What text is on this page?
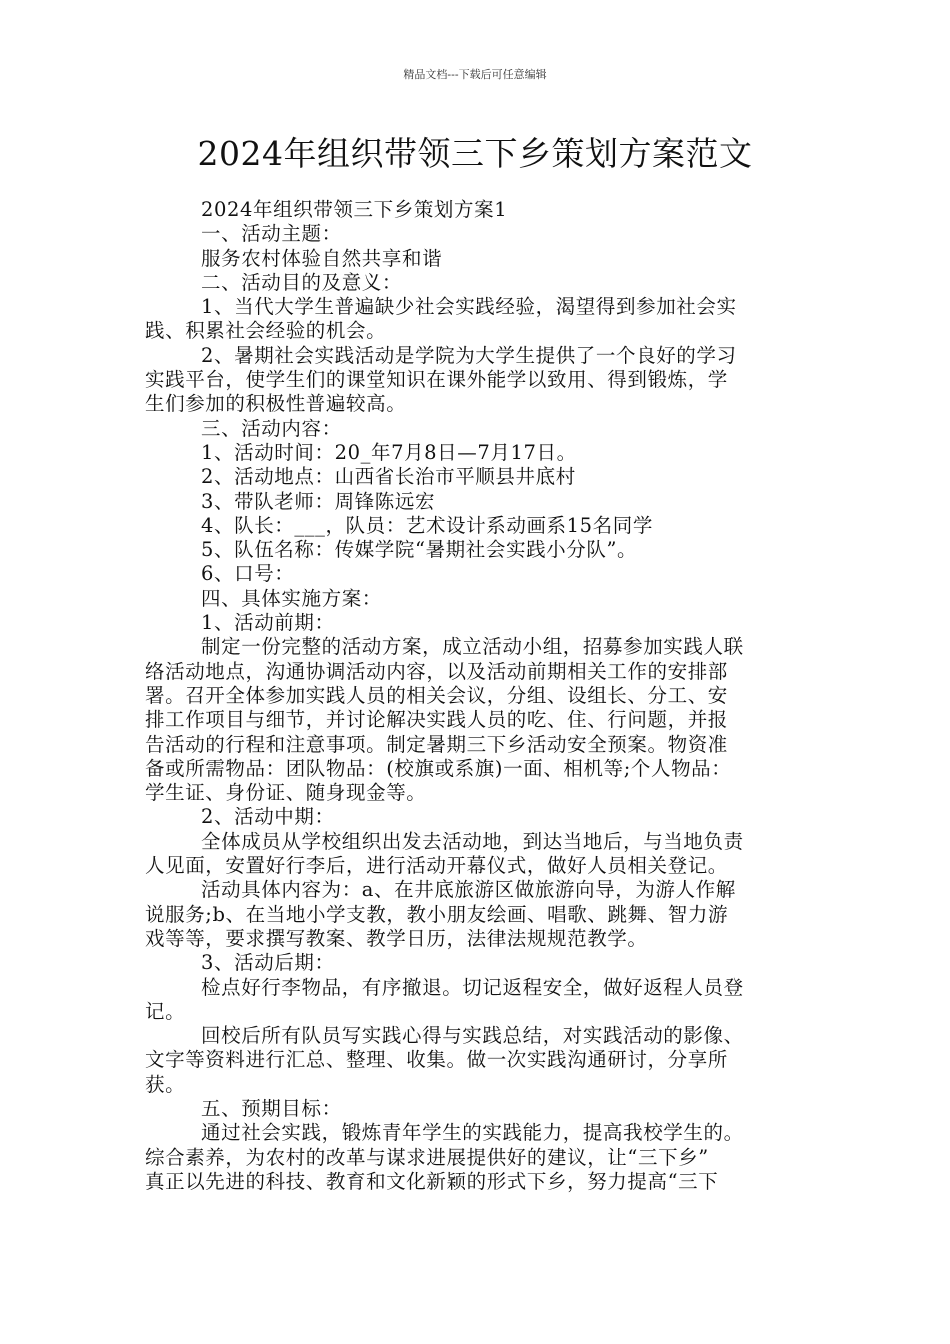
精品文档---下载后可任意编辑
2024年组织带领三下乡策划方案范文
2024年组织带领三下乡策划方案1
一、活动主题：
服务农村体验自然共享和谐
二、活动目的及意义：
1、当代大学生普遍缺少社会实践经验，渴望得到参加社会实
践、积累社会经验的机会。
2、暑期社会实践活动是学院为大学生提供了一个良好的学习
实践平台，使学生们的课堂知识在课外能学以致用、得到锻炼，学
生们参加的积极性普遍较高。
三、活动内容：
1、活动时间：20_年7月8日—7月17日。
2、活动地点：山西省长治市平顺县井底村
3、带队老师：周锋陈远宏
4、队长：___，队员：艺术设计系动画系15名同学
5、队伍名称：传媒学院“暑期社会实践小分队”。
6、口号：
四、具体实施方案：
1、活动前期：
制定一份完整的活动方案，成立活动小组，招募参加实践人联
络活动地点，沟通协调活动内容，以及活动前期相关工作的安排部
署。召开全体参加实践人员的相关会议，分组、设组长、分工、安
排工作项目与细节，并讨论解决实践人员的吃、住、行问题，并报
告活动的行程和注意事项。制定暑期三下乡活动安全预案。物资准
备或所需物品：团队物品：(校旗或系旗)一面、相机等;个人物品：
学生证、身份证、随身现金等。
2、活动中期：
全体成员从学校组织出发去活动地，到达当地后，与当地负责
人见面，安置好行李后，进行活动开幕仪式，做好人员相关登记。
活动具体内容为：a、在井底旅游区做旅游向导，为游人作解
说服务;b、在当地小学支教，教小朋友绘画、唱歌、跳舞、智力游
戏等等，要求撰写教案、教学日历，法律法规规范教学。
3、活动后期：
检点好行李物品，有序撤退。切记返程安全，做好返程人员登
记。
回校后所有队员写实践心得与实践总结，对实践活动的影像、
文字等资料进行汇总、整理、收集。做一次实践沟通研讨，分享所
获。
五、预期目标：
通过社会实践，锻炼青年学生的实践能力，提高我校学生的。
综合素养，为农村的改革与谋求进展提供好的建议，让“三下乡”
真正以先进的科技、教育和文化新颖的形式下乡，努力提高“三下
